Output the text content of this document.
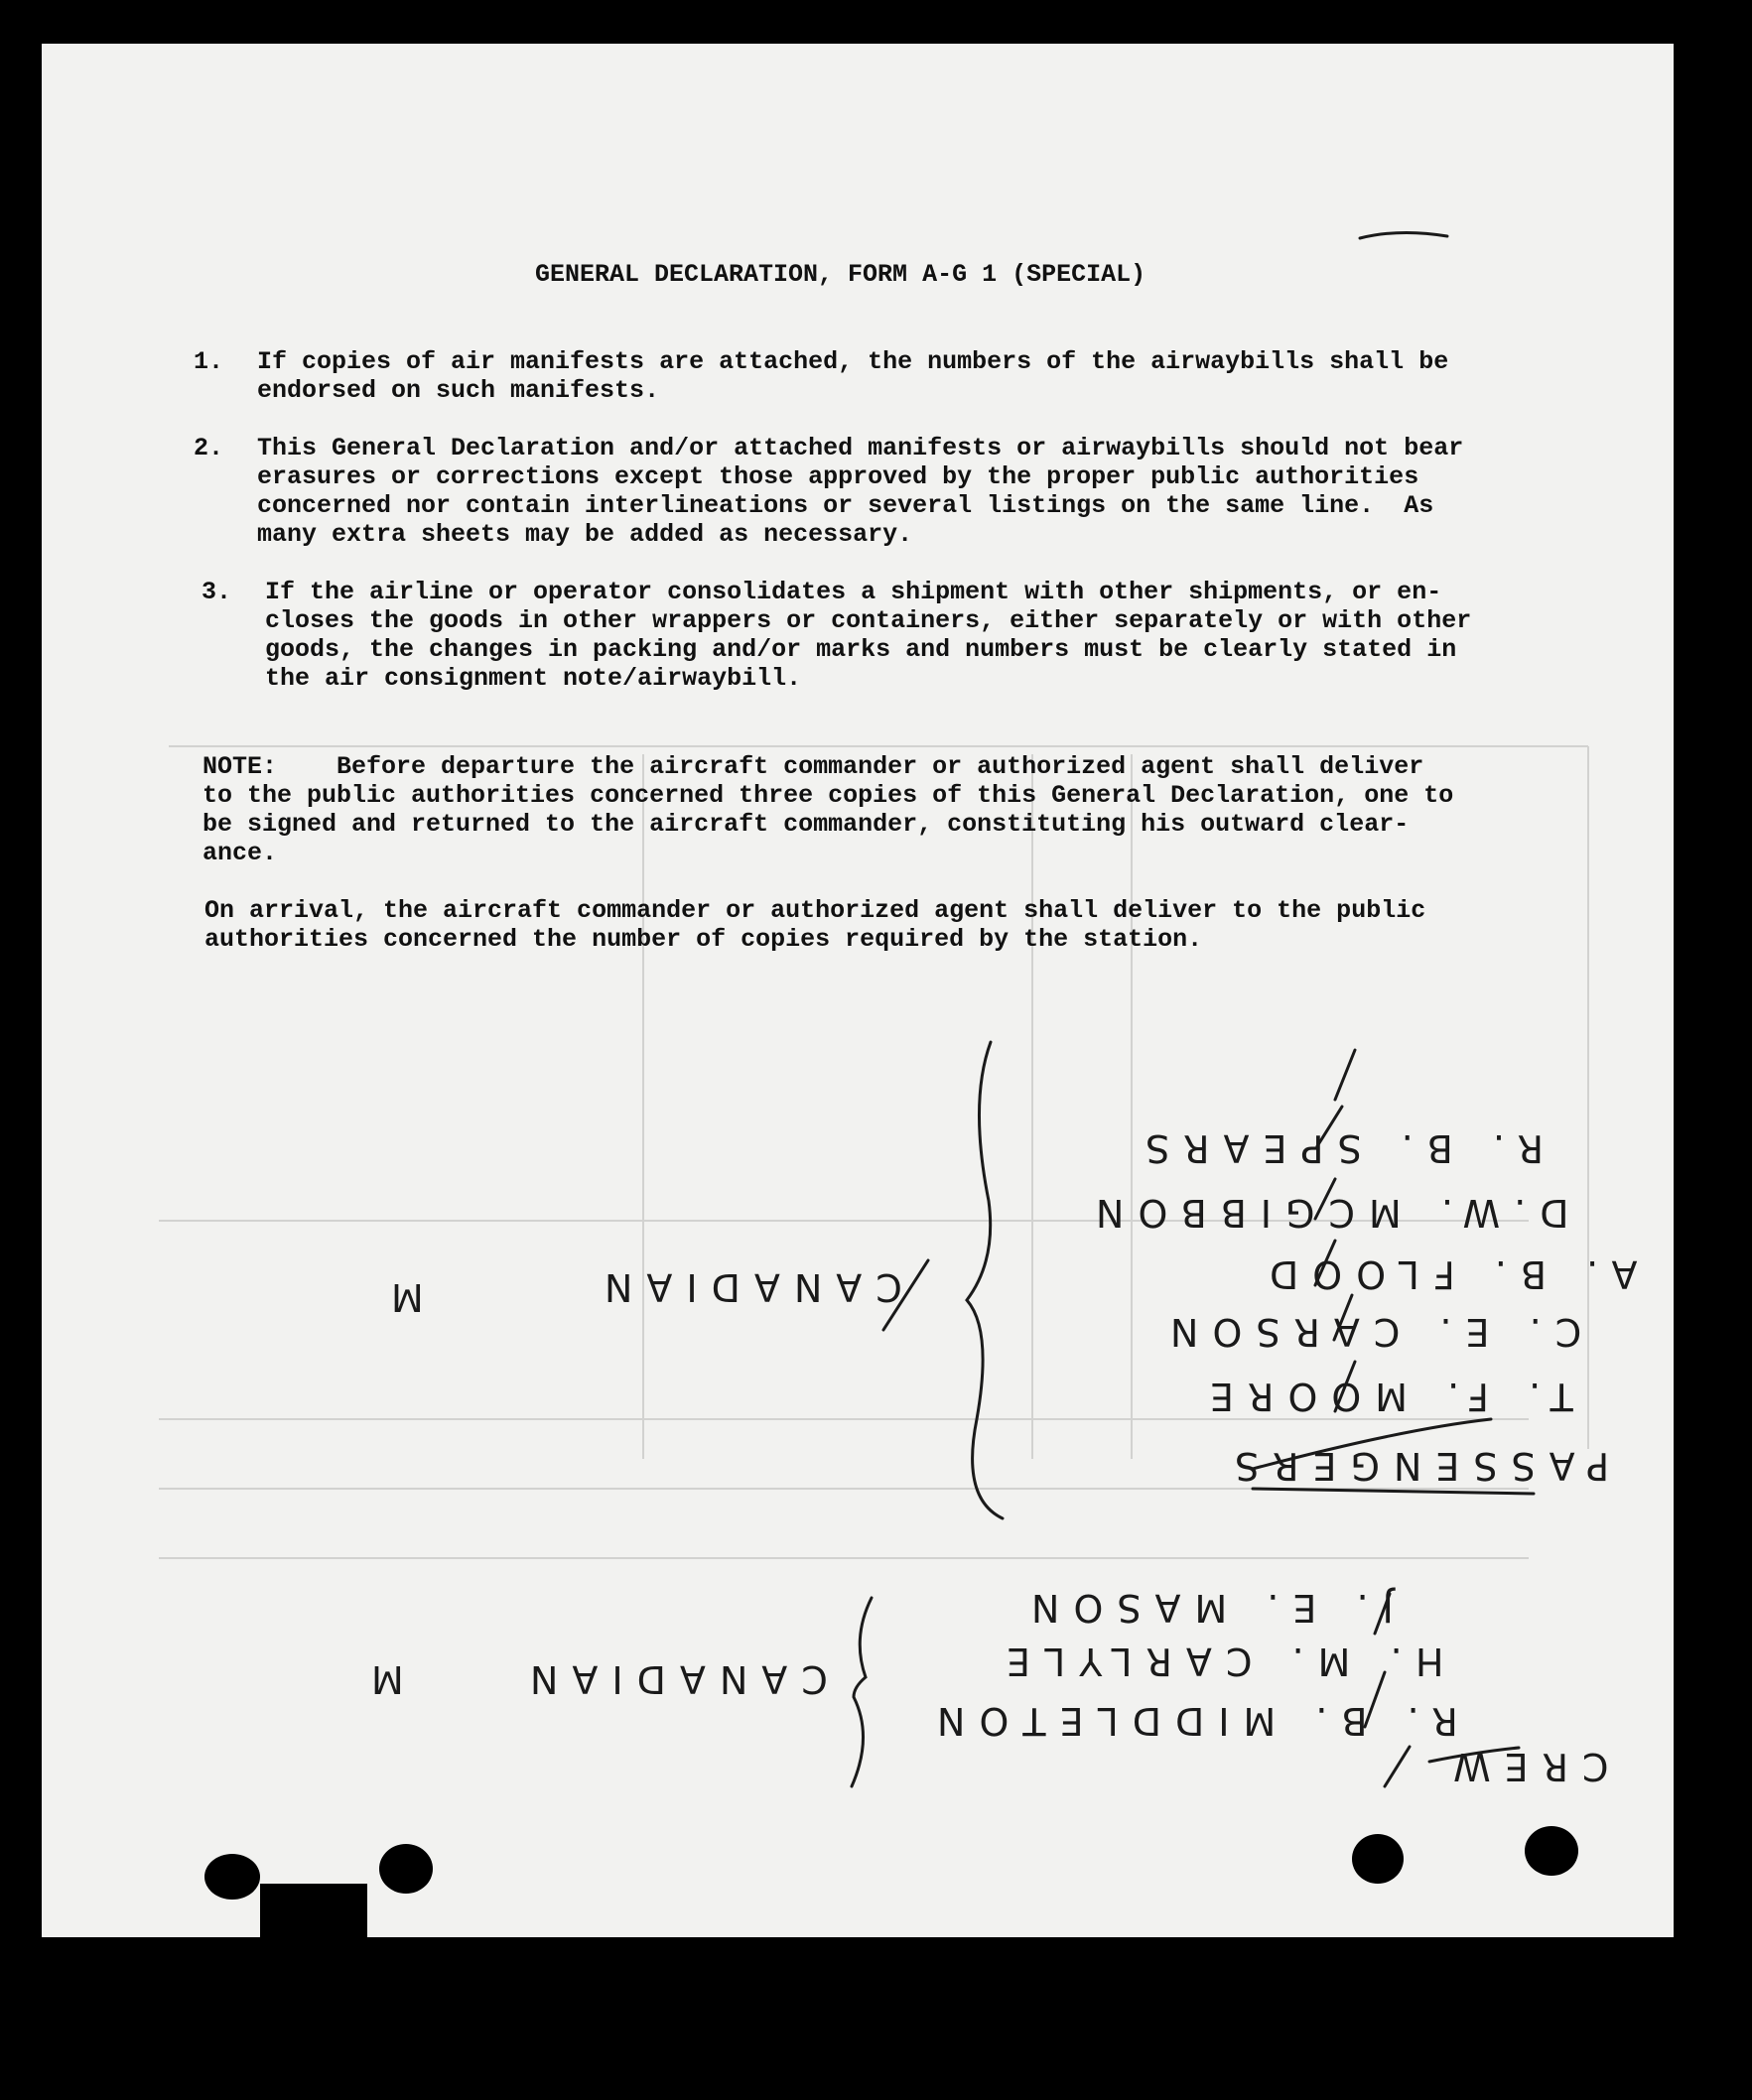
GENERAL DECLARATION, FORM A-G 1 (SPECIAL)
1. If copies of air manifests are attached, the numbers of the airwaybills shall be
endorsed on such manifests.
2. This General Declaration and/or attached manifests or airwaybills should not bear
erasures or corrections except those approved by the proper public authorities
concerned nor contain interlineations or several listings on the same line.  As
many extra sheets may be added as necessary.
3. If the airline or operator consolidates a shipment with other shipments, or en-
closes the goods in other wrappers or containers, either separately or with other
goods, the changes in packing and/or marks and numbers must be clearly stated in
the air consignment note/airwaybill.
NOTE:    Before departure the aircraft commander or authorized agent shall deliver
to the public authorities concerned three copies of this General Declaration, one to
be signed and returned to the aircraft commander, constituting his outward clear-
ance.
On arrival, the aircraft commander or authorized agent shall deliver to the public
authorities concerned the number of copies required by the station.
PASSENGERS
T. F. MOORE
C. E. CARSON
A. B. FLOOD
D.W. MCGIBBON
R. B. SPEARS
CANADIAN
M
CREW
R. B. MIDDLETON
H. M. CARLYLE
J. E. MASON
CANADIAN
M
